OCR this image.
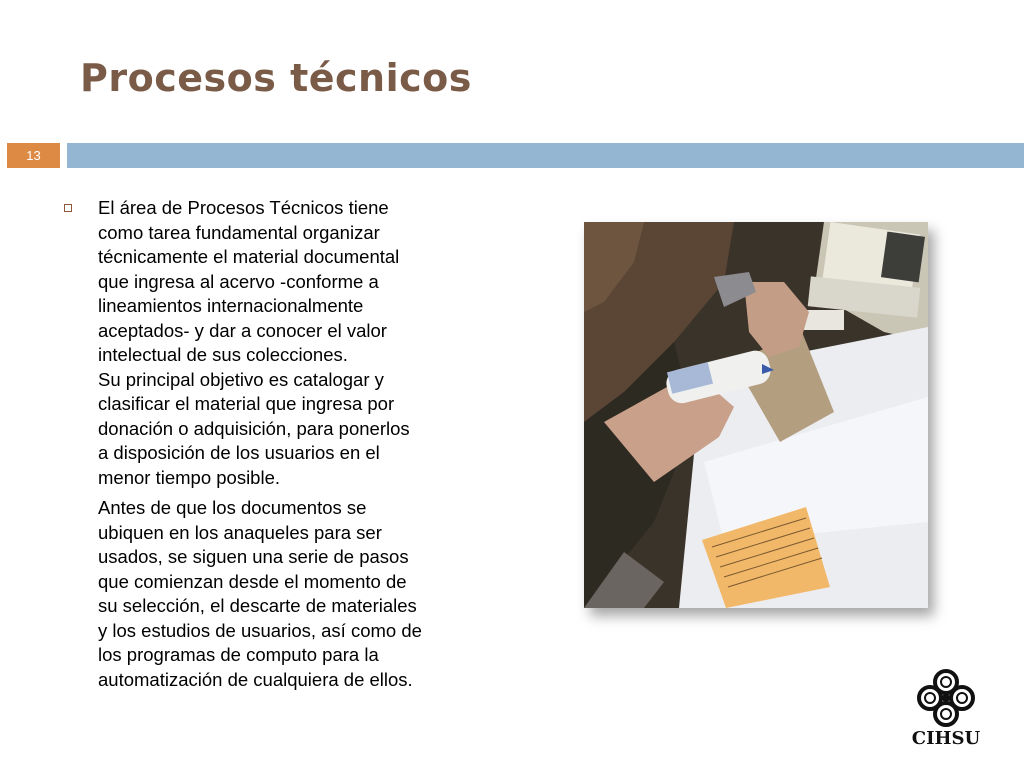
Procesos técnicos
13

El área de Procesos Técnicos tiene
como tarea fundamental organizar
técnicamente el material documental
que ingresa al acervo -conforme a
lineamientos internacionalmente
aceptados- y dar a conocer el valor
intelectual de sus colecciones.

Su principal objetivo es catalogar y
clasificar el material que ingresa por
donación o adquisición, para ponerlos
a disposición de los usuarios en el
menor tiempo posible.

Antes de que los documentos se
ubiquen en los anaqueles para ser
usados, se siguen una serie de pasos
que comienzan desde el momento de
su selección, el descarte de materiales
y los estudios de usuarios, así como de
los programas de computo para la
automatización de cualquiera de ellos.

CIHSU
